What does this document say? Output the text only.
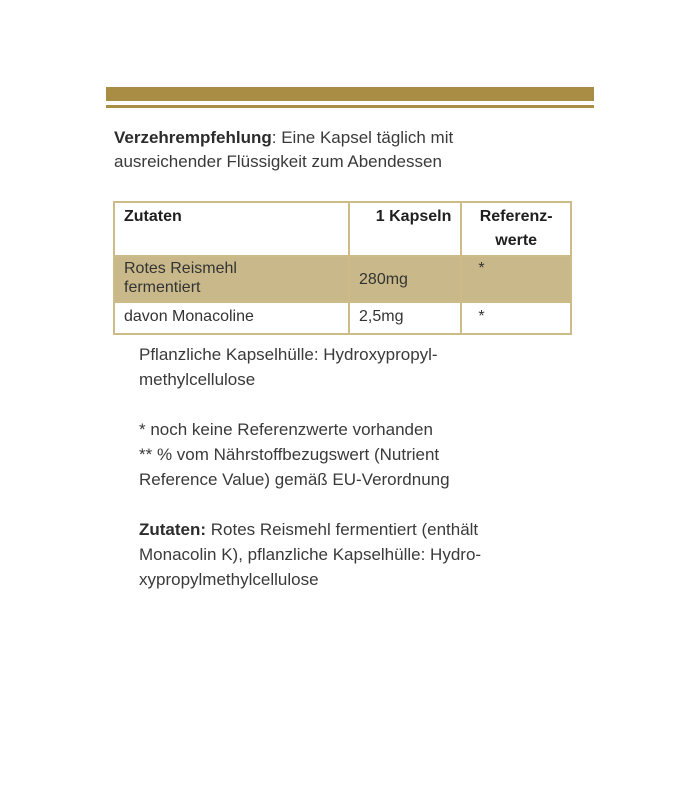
Verzehrempfehlung: Eine Kapsel täglich mit
ausreichender Flüssigkeit zum Abendessen
Zutaten	1 Kapseln	Referenz-
werte

Rotes Reismehl
fermentiert	280mg	*
davon Monacoline	2,5mg	*

Pflanzliche Kapselhülle: Hydroxypropyl-

methylcellulose

* noch keine Referenzwerte vorhanden

** % vom Nährstoffbezugswert (Nutrient

Reference Value) gemäß EU-Verordnung

Zutaten: Rotes Reismehl fermentiert (enthält

Monacolin K), pflanzliche Kapselhülle: Hydro-

xypropylmethylcellulose
